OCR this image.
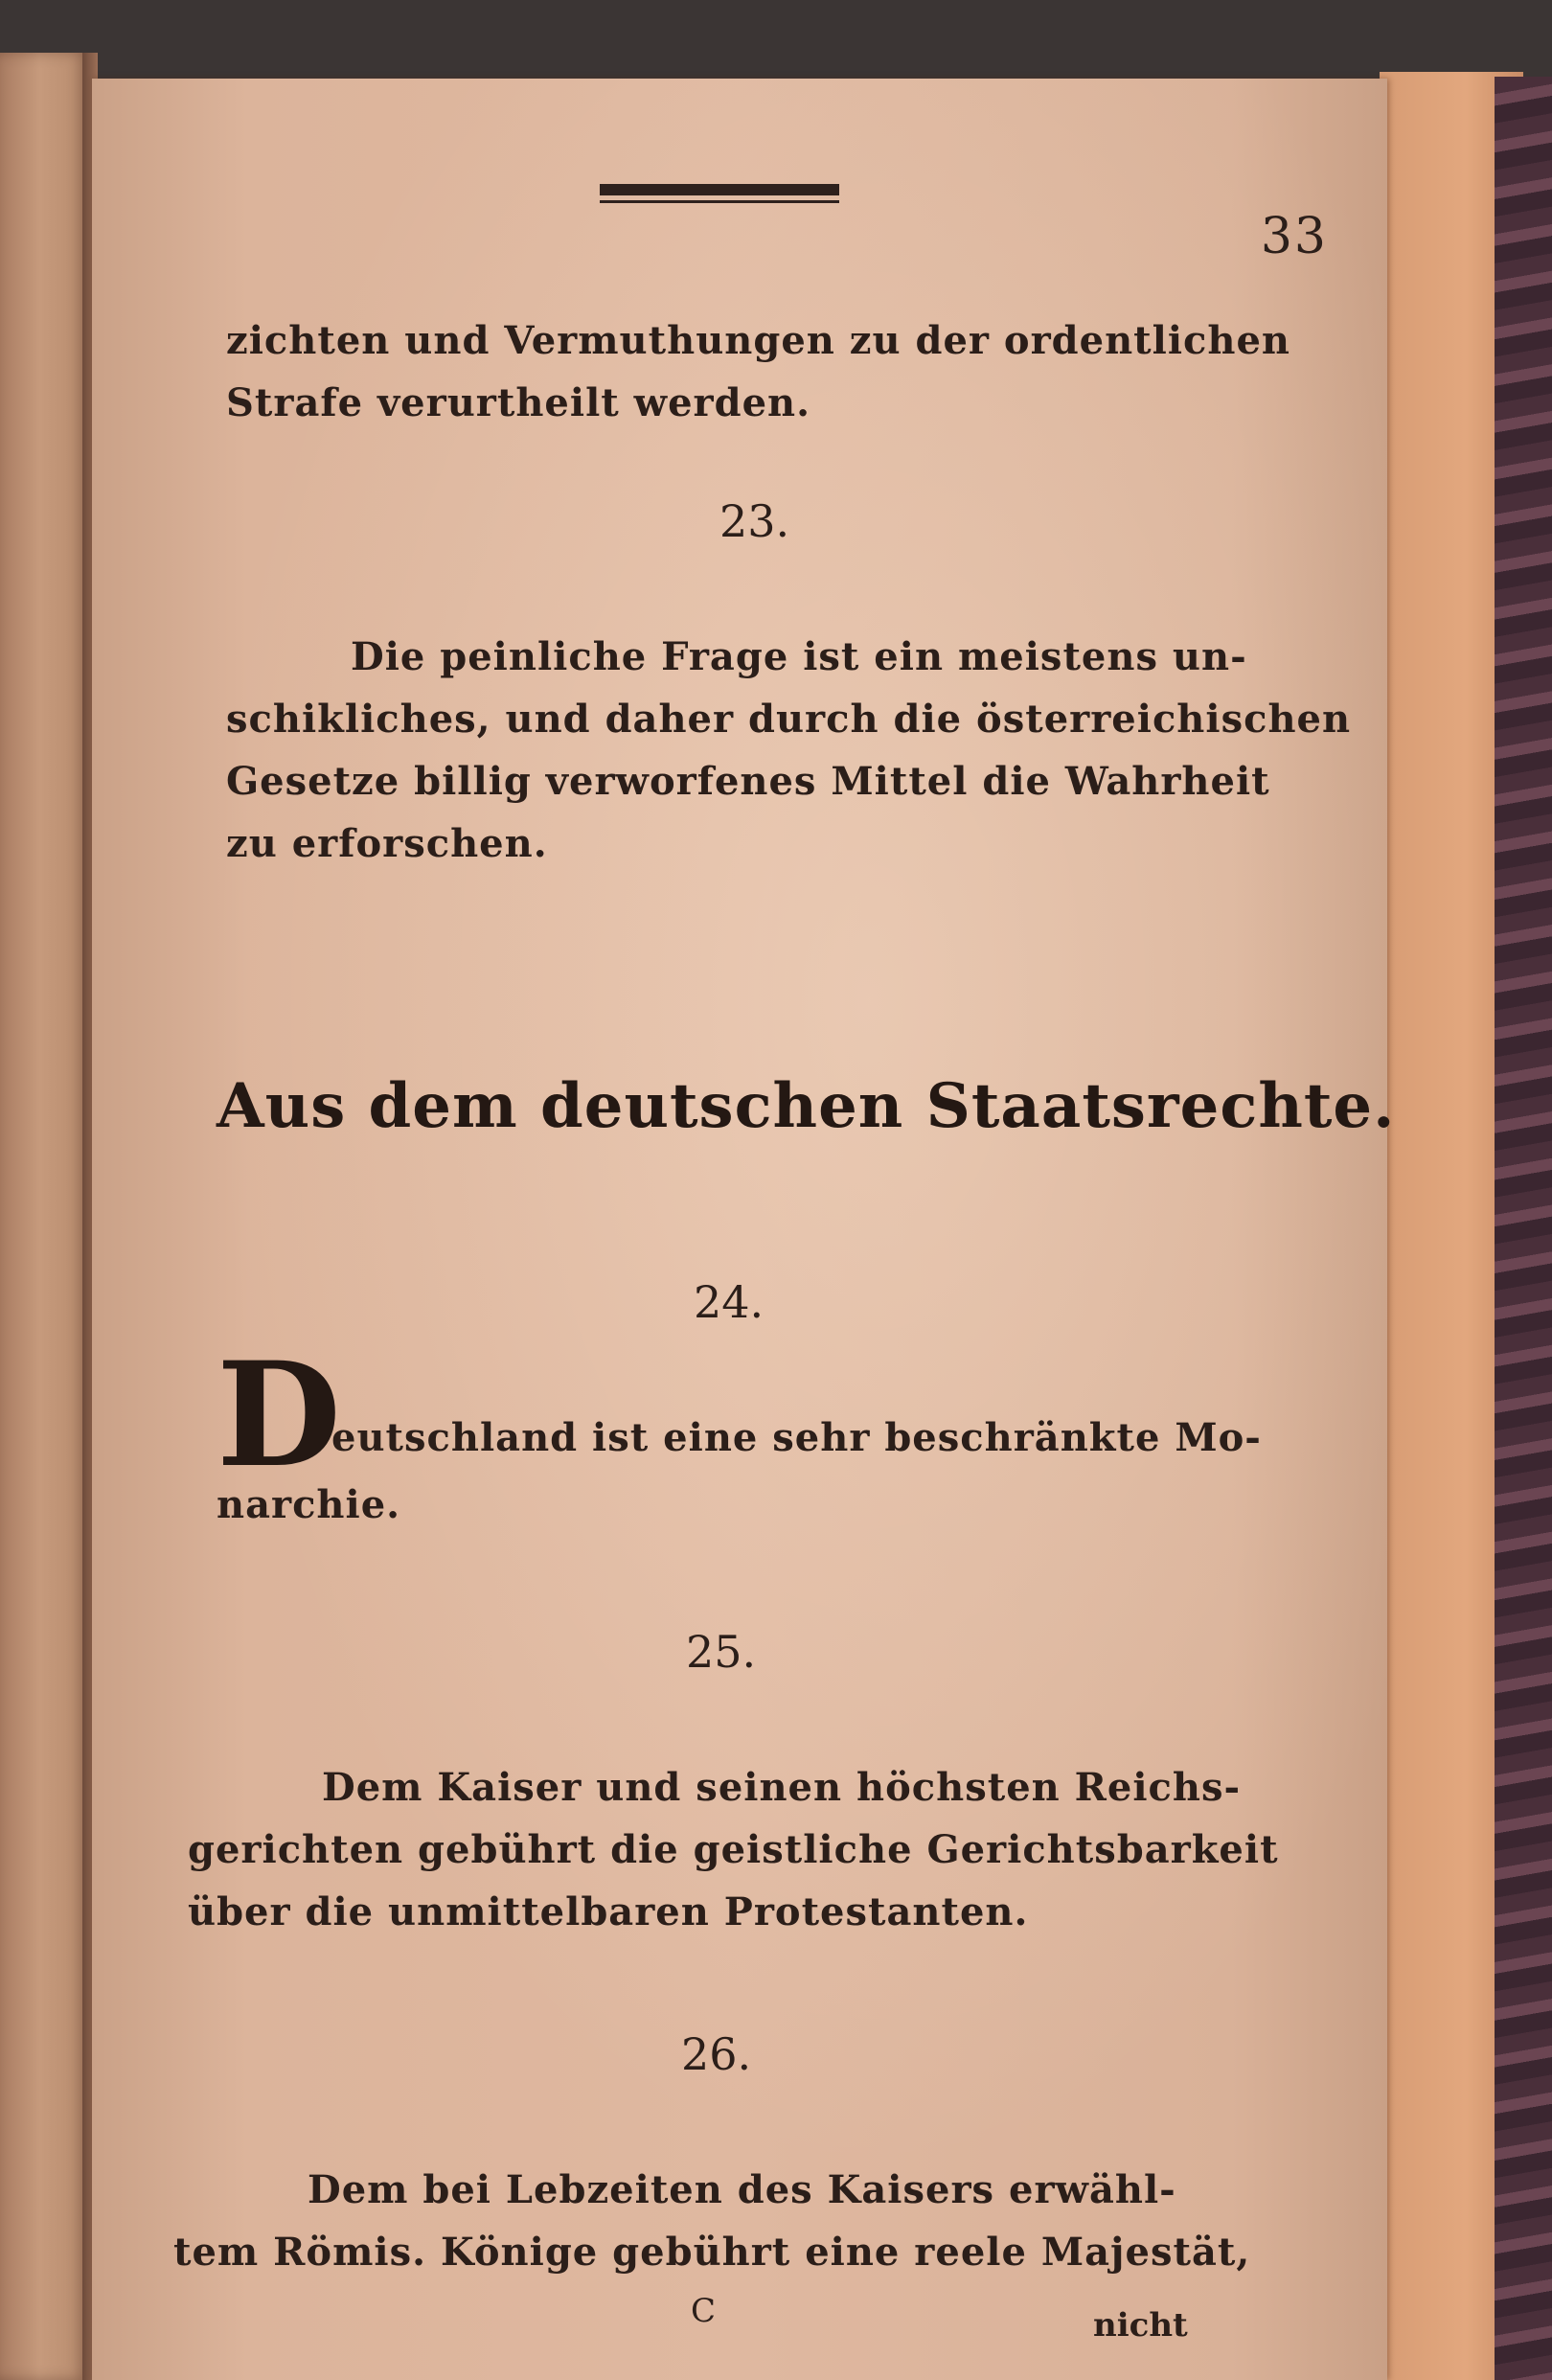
33
zichten und Vermuthungen zu der ordentlichen
Strafe verurtheilt werden.
23.
Die peinliche Frage ist ein meistens un-
schikliches, und daher durch die österreichischen
Gesetze billig verworfenes Mittel die Wahrheit
zu erforschen.
Aus dem deutschen Staatsrechte.
24.
D
eutschland ist eine sehr beschränkte Mo-
narchie.
25.
Dem Kaiser und seinen höchsten Reichs-
gerichten gebührt die geistliche Gerichtsbarkeit
über die unmittelbaren Protestanten.
26.
Dem bei Lebzeiten des Kaisers erwähl-
tem Römis. Könige gebührt eine reele Majestät,
C	nicht
